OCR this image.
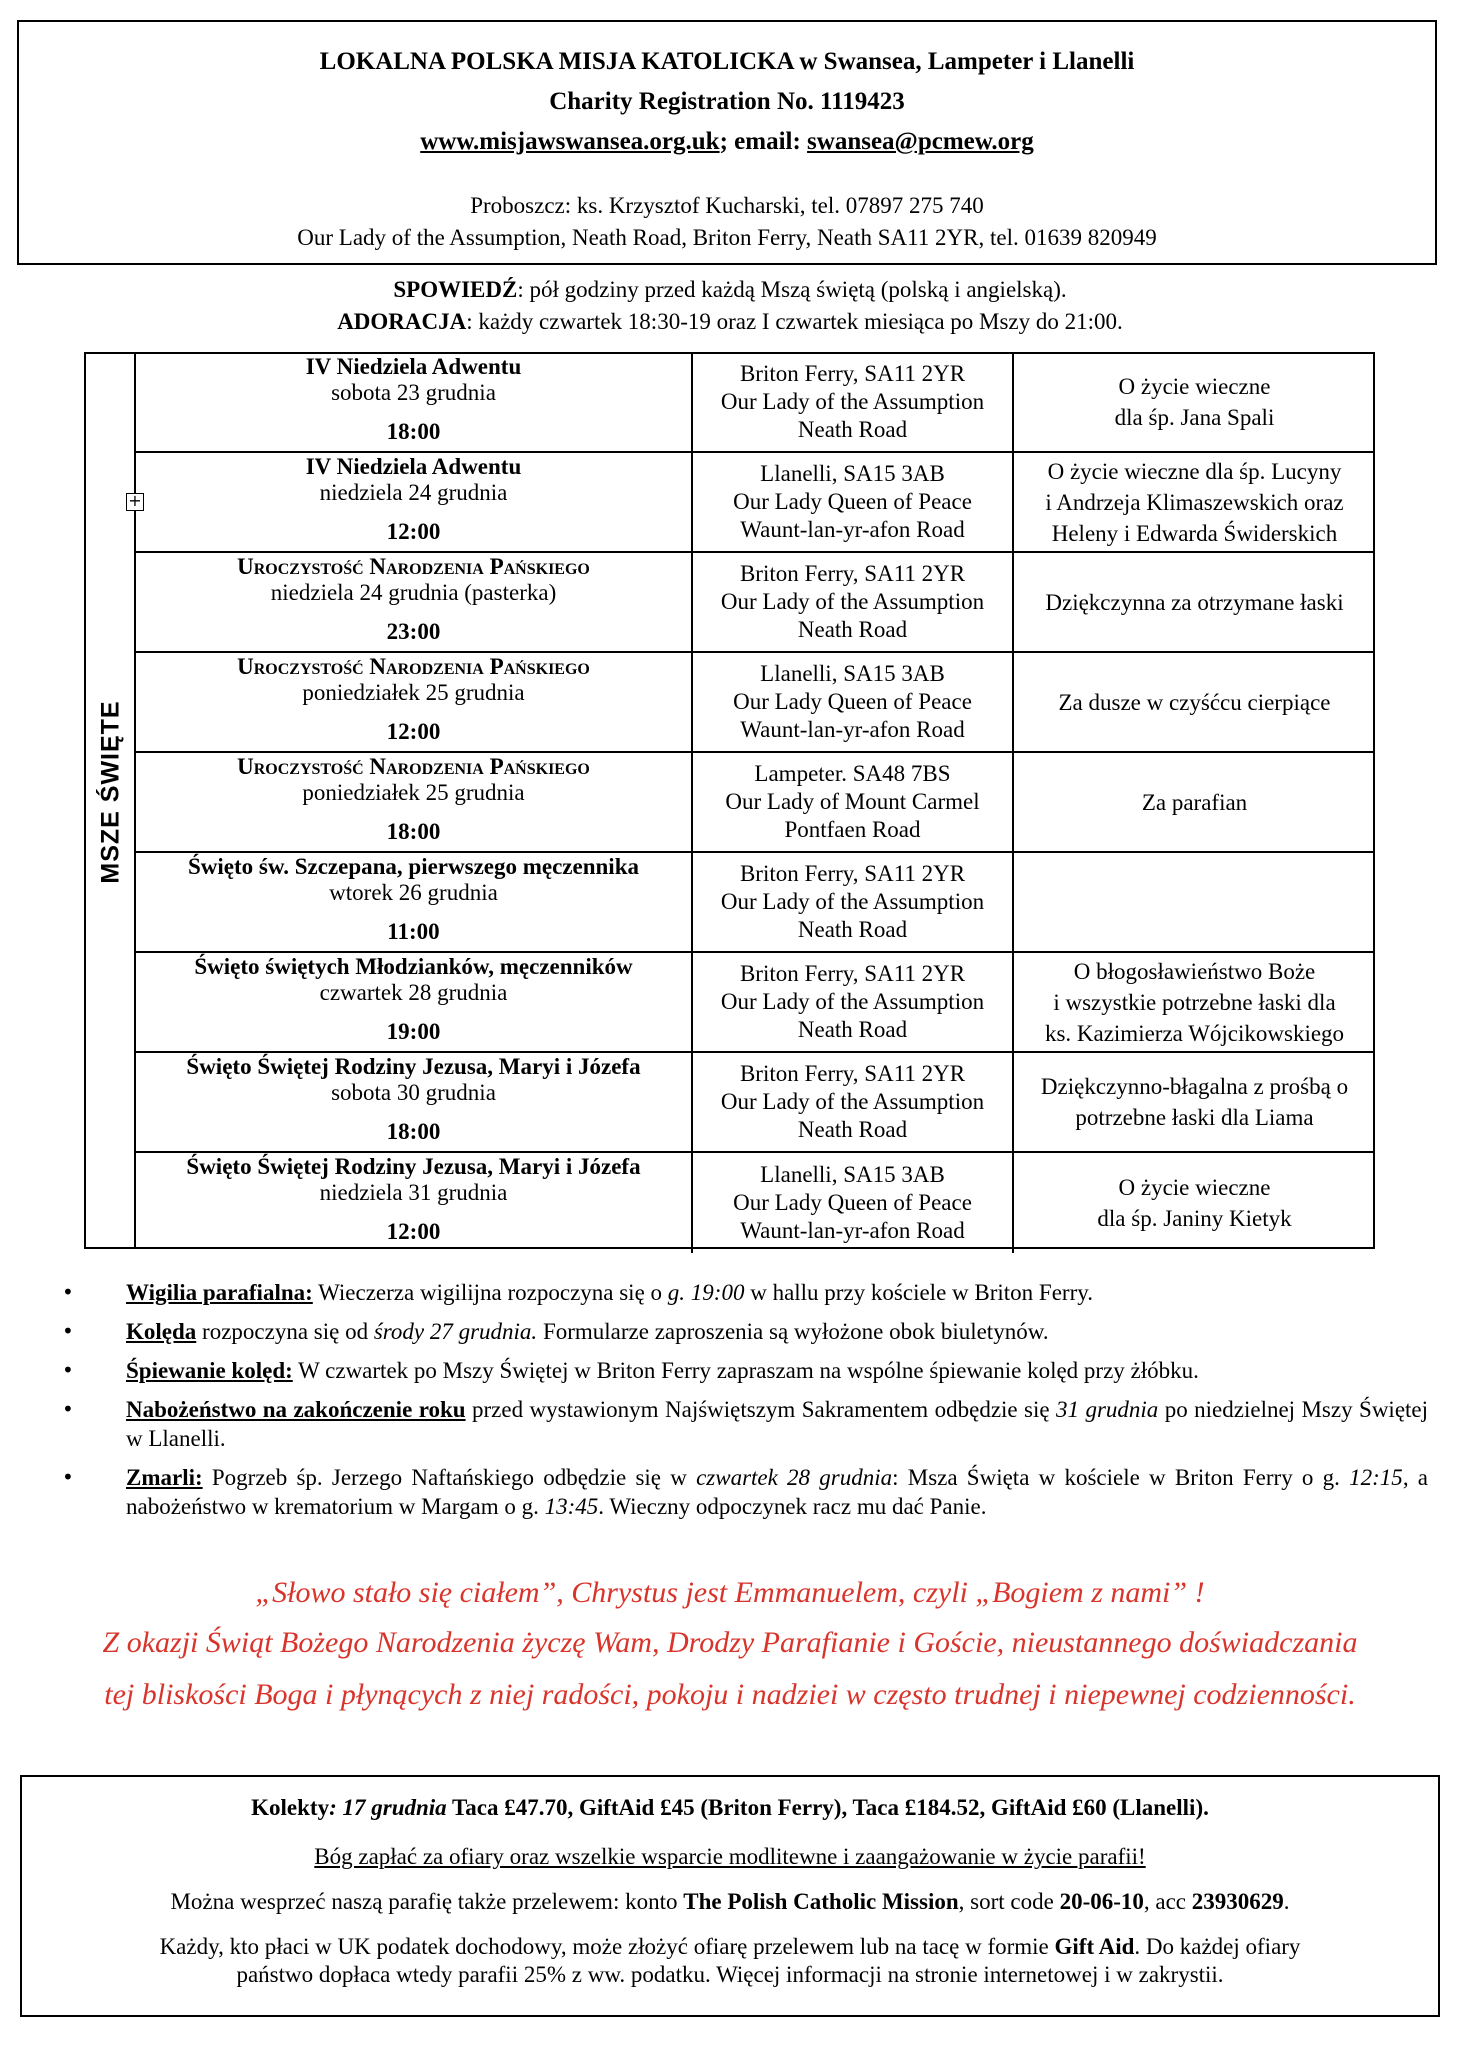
LOKALNA POLSKA MISJA KATOLICKA w Swansea, Lampeter i Llanelli
Charity Registration No. 1119423
www.misjawswansea.org.uk; email: swansea@pcmew.org
Proboszcz: ks. Krzysztof Kucharski, tel. 07897 275 740
Our Lady of the Assumption, Neath Road, Briton Ferry, Neath SA11 2YR, tel. 01639 820949
SPOWIEDŹ: pół godziny przed każdą Mszą świętą (polską i angielską).
ADORACJA: każdy czwartek 18:30-19 oraz I czwartek miesiąca po Mszy do 21:00.
MSZE ŚWIĘTE
+
IV Niedziela Adwentu
sobota 23 grudnia
18:00
Briton Ferry, SA11 2YR
Our Lady of the Assumption
Neath Road
O życie wieczne
dla śp. Jana Spali
IV Niedziela Adwentu
niedziela 24 grudnia
12:00
Llanelli, SA15 3AB
Our Lady Queen of Peace
Waunt-lan-yr-afon Road
O życie wieczne dla śp. Lucyny
i Andrzeja Klimaszewskich oraz
Heleny i Edwarda Świderskich
Uroczystość Narodzenia Pańskiego
niedziela 24 grudnia (pasterka)
23:00
Briton Ferry, SA11 2YR
Our Lady of the Assumption
Neath Road
Dziękczynna za otrzymane łaski
Uroczystość Narodzenia Pańskiego
poniedziałek 25 grudnia
12:00
Llanelli, SA15 3AB
Our Lady Queen of Peace
Waunt-lan-yr-afon Road
Za dusze w czyśćcu cierpiące
Uroczystość Narodzenia Pańskiego
poniedziałek 25 grudnia
18:00
Lampeter. SA48 7BS
Our Lady of Mount Carmel
Pontfaen Road
Za parafian
Święto św. Szczepana, pierwszego męczennika
wtorek 26 grudnia
11:00
Briton Ferry, SA11 2YR
Our Lady of the Assumption
Neath Road
Święto świętych Młodzianków, męczenników
czwartek 28 grudnia
19:00
Briton Ferry, SA11 2YR
Our Lady of the Assumption
Neath Road
O błogosławieństwo Boże
i wszystkie potrzebne łaski dla
ks. Kazimierza Wójcikowskiego
Święto Świętej Rodziny Jezusa, Maryi i Józefa
sobota 30 grudnia
18:00
Briton Ferry, SA11 2YR
Our Lady of the Assumption
Neath Road
Dziękczynno-błagalna z prośbą o
potrzebne łaski dla Liama
Święto Świętej Rodziny Jezusa, Maryi i Józefa
niedziela 31 grudnia
12:00
Llanelli, SA15 3AB
Our Lady Queen of Peace
Waunt-lan-yr-afon Road
O życie wieczne
dla śp. Janiny Kietyk
• Wigilia parafialna: Wieczerza wigilijna rozpoczyna się o g. 19:00 w hallu przy kościele w Briton Ferry.
• Kolęda rozpoczyna się od środy 27 grudnia. Formularze zaproszenia są wyłożone obok biuletynów.
• Śpiewanie kolęd: W czwartek po Mszy Świętej w Briton Ferry zapraszam na wspólne śpiewanie kolęd przy żłóbku.
• Nabożeństwo na zakończenie roku przed wystawionym Najświętszym Sakramentem odbędzie się 31 grudnia po niedzielnej Mszy Świętej w Llanelli.
• Zmarli: Pogrzeb śp. Jerzego Naftańskiego odbędzie się w czwartek 28 grudnia: Msza Święta w kościele w Briton Ferry o g. 12:15, a nabożeństwo w krematorium w Margam o g. 13:45. Wieczny odpoczynek racz mu dać Panie.
„Słowo stało się ciałem”, Chrystus jest Emmanuelem, czyli „Bogiem z nami” !
Z okazji Świąt Bożego Narodzenia życzę Wam, Drodzy Parafianie i Goście, nieustannego doświadczania
tej bliskości Boga i płynących z niej radości, pokoju i nadziei w często trudnej i niepewnej codzienności.
Kolekty: 17 grudnia Taca £47.70, GiftAid £45 (Briton Ferry), Taca £184.52, GiftAid £60 (Llanelli).
Bóg zapłać za ofiary oraz wszelkie wsparcie modlitewne i zaangażowanie w życie parafii!
Można wesprzeć naszą parafię także przelewem: konto The Polish Catholic Mission, sort code 20-06-10, acc 23930629.
Każdy, kto płaci w UK podatek dochodowy, może złożyć ofiarę przelewem lub na tacę w formie Gift Aid. Do każdej ofiary
państwo dopłaca wtedy parafii 25% z ww. podatku. Więcej informacji na stronie internetowej i w zakrystii.
